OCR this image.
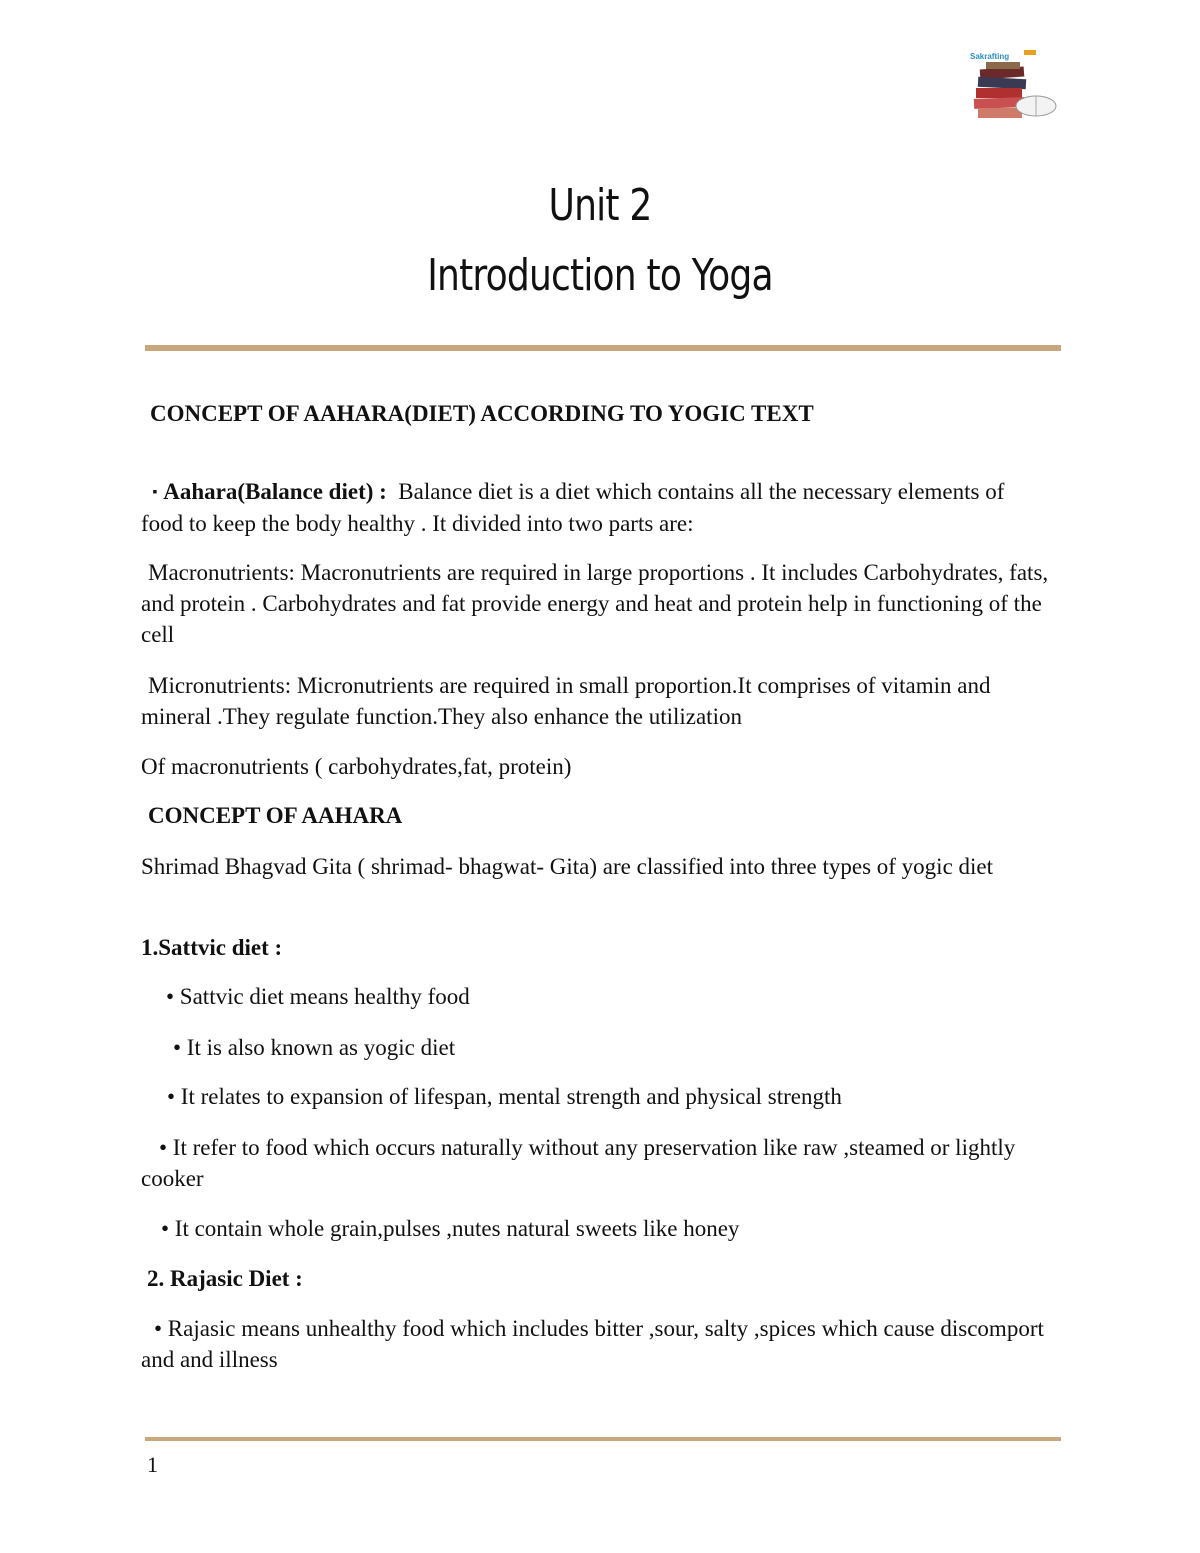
Sakrafting
Unit 2
Introduction to Yoga

CONCEPT OF AAHARA(DIET) ACCORDING TO YOGIC TEXT

▪ Aahara(Balance diet) : Balance diet is a diet which contains all the necessary elements of food to keep the body healthy . It divided into two parts are:

Macronutrients: Macronutrients are required in large proportions . It includes Carbohydrates, fats, and protein . Carbohydrates and fat provide energy and heat and protein help in functioning of the cell

Micronutrients: Micronutrients are required in small proportion.It comprises of vitamin and mineral .They regulate function.They also enhance the utilization

Of macronutrients ( carbohydrates,fat, protein)

CONCEPT OF AAHARA

Shrimad Bhagvad Gita ( shrimad- bhagwat- Gita) are classified into three types of yogic diet

1.Sattvic diet :

• Sattvic diet means healthy food

• It is also known as yogic diet

• It relates to expansion of lifespan, mental strength and physical strength

• It refer to food which occurs naturally without any preservation like raw ,steamed or lightly cooker

• It contain whole grain,pulses ,nutes natural sweets like honey

2. Rajasic Diet :

• Rajasic means unhealthy food which includes bitter ,sour, salty ,spices which cause discomport and and illness

1
